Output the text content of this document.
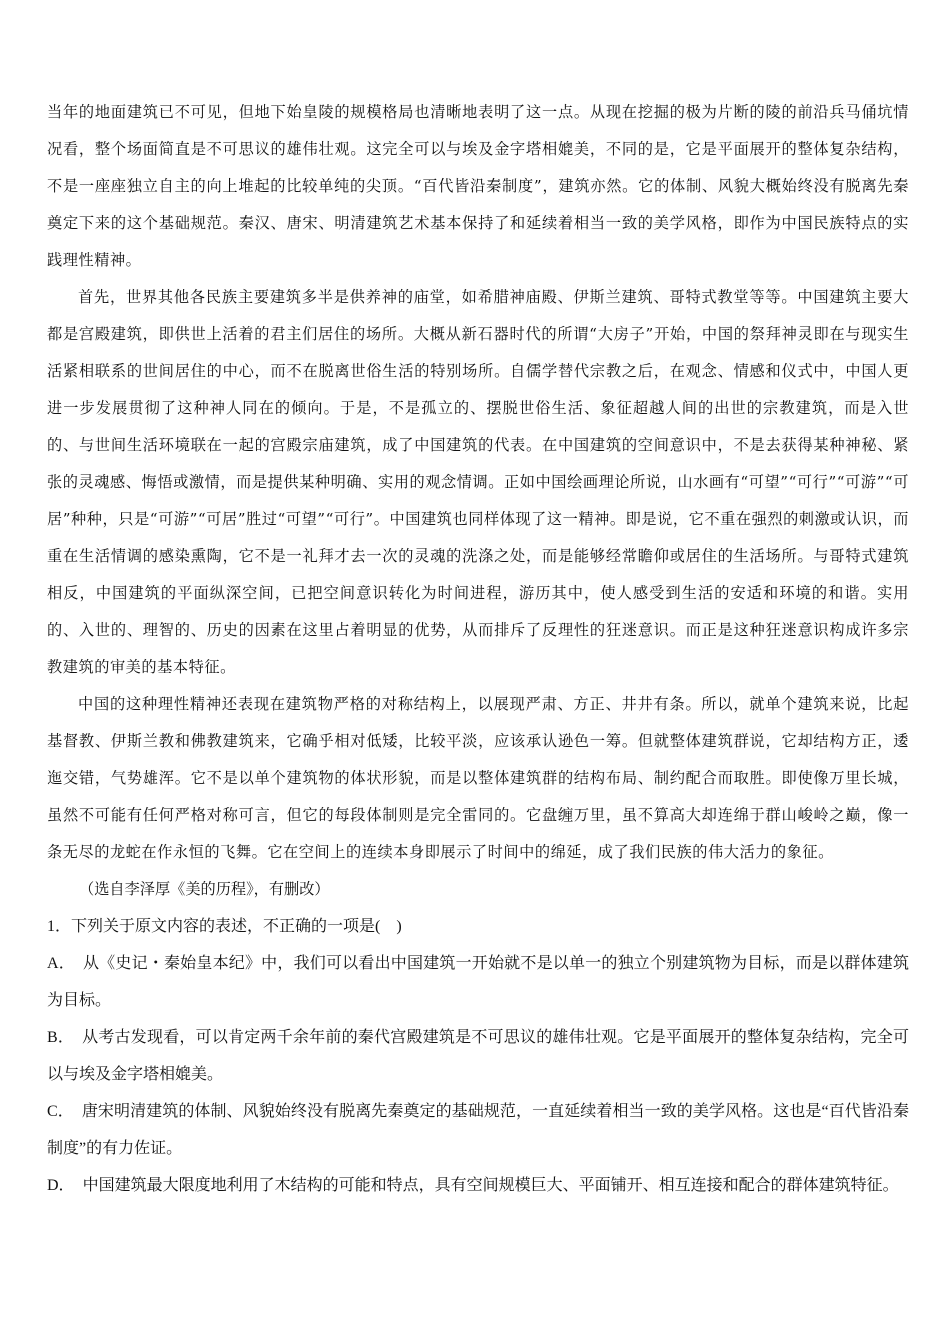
当年的地面建筑已不可见，但地下始皇陵的规模格局也清晰地表明了这一点。从现在挖掘的极为片断的陵的前沿兵马俑坑情况看，整个场面简直是不可思议的雄伟壮观。这完全可以与埃及金字塔相媲美，不同的是，它是平面展开的整体复杂结构，不是一座座独立自主的向上堆起的比较单纯的尖顶。“百代皆沿秦制度”，建筑亦然。它的体制、风貌大概始终没有脱离先秦奠定下来的这个基础规范。秦汉、唐宋、明清建筑艺术基本保持了和延续着相当一致的美学风格，即作为中国民族特点的实践理性精神。

首先，世界其他各民族主要建筑多半是供养神的庙堂，如希腊神庙殿、伊斯兰建筑、哥特式教堂等等。中国建筑主要大都是宫殿建筑，即供世上活着的君主们居住的场所。大概从新石器时代的所谓“大房子”开始，中国的祭拜神灵即在与现实生活紧相联系的世间居住的中心，而不在脱离世俗生活的特别场所。自儒学替代宗教之后，在观念、情感和仪式中，中国人更进一步发展贯彻了这种神人同在的倾向。于是，不是孤立的、摆脱世俗生活、象征超越人间的出世的宗教建筑，而是入世的、与世间生活环境联在一起的宫殿宗庙建筑，成了中国建筑的代表。在中国建筑的空间意识中，不是去获得某种神秘、紧张的灵魂感、悔悟或激情，而是提供某种明确、实用的观念情调。正如中国绘画理论所说，山水画有“可望”“可行”“可游”“可居”种种，只是“可游”“可居”胜过“可望”“可行”。中国建筑也同样体现了这一精神。即是说，它不重在强烈的刺激或认识，而重在生活情调的感染熏陶，它不是一礼拜才去一次的灵魂的洗涤之处，而是能够经常瞻仰或居住的生活场所。与哥特式建筑相反，中国建筑的平面纵深空间，已把空间意识转化为时间进程，游历其中，使人感受到生活的安适和环境的和谐。实用的、入世的、理智的、历史的因素在这里占着明显的优势，从而排斥了反理性的狂迷意识。而正是这种狂迷意识构成许多宗教建筑的审美的基本特征。

中国的这种理性精神还表现在建筑物严格的对称结构上，以展现严肃、方正、井井有条。所以，就单个建筑来说，比起基督教、伊斯兰教和佛教建筑来，它确乎相对低矮，比较平淡，应该承认逊色一筹。但就整体建筑群说，它却结构方正，逶迤交错，气势雄浑。它不是以单个建筑物的体状形貌，而是以整体建筑群的结构布局、制约配合而取胜。即使像万里长城，虽然不可能有任何严格对称可言，但它的每段体制则是完全雷同的。它盘缠万里，虽不算高大却连绵于群山峻岭之巅，像一条无尽的龙蛇在作永恒的飞舞。它在空间上的连续本身即展示了时间中的绵延，成了我们民族的伟大活力的象征。

（选自李泽厚《美的历程》，有删改）

1．下列关于原文内容的表述，不正确的一项是(　)

A． 从《史记・秦始皇本纪》中，我们可以看出中国建筑一开始就不是以单一的独立个别建筑物为目标，而是以群体建筑为目标。

B． 从考古发现看，可以肯定两千余年前的秦代宫殿建筑是不可思议的雄伟壮观。它是平面展开的整体复杂结构，完全可以与埃及金字塔相媲美。

C． 唐宋明清建筑的体制、风貌始终没有脱离先秦奠定的基础规范，一直延续着相当一致的美学风格。这也是“百代皆沿秦制度”的有力佐证。

D． 中国建筑最大限度地利用了木结构的可能和特点，具有空间规模巨大、平面铺开、相互连接和配合的群体建筑特征。
